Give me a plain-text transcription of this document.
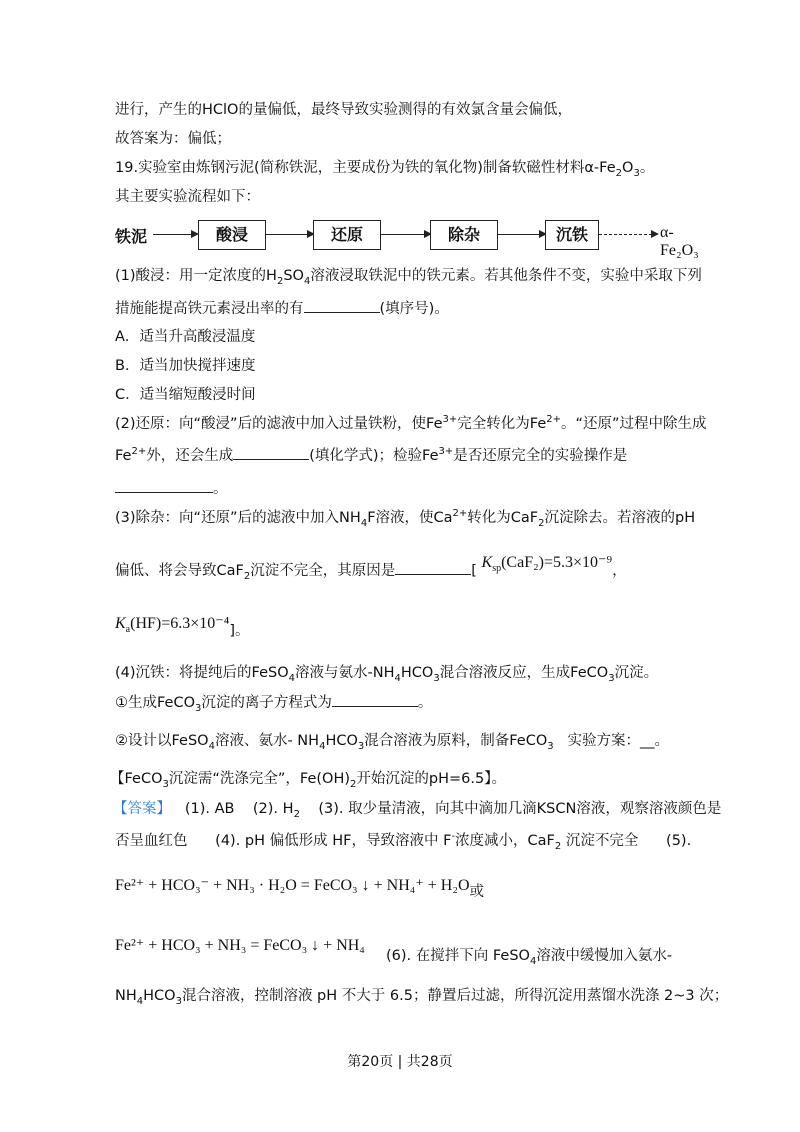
进行，产生的HClO的量偏低，最终导致实验测得的有效氯含量会偏低，
故答案为：偏低；
19.实验室由炼钢污泥(简称铁泥，主要成份为铁的氧化物)制备软磁性材料$\alpha-Fe_2O_3$。
其主要实验流程如下：
铁泥	酸浸	还原	除杂	沉铁	α-Fe₂O₃
(1)酸浸：用一定浓度的$H_2SO_4$溶液浸取铁泥中的铁元素。若其他条件不变，实验中采取下列
措施能提高铁元素浸出率的有	(填序号)。
A．适当升高酸浸温度
B．适当加快搅拌速度
C．适当缩短酸浸时间
(2)还原：向“酸浸”后的滤液中加入过量铁粉，使$Fe^{3+}$完全转化为$Fe^{2+}$。“还原”过程中除生成
$Fe^{2+}$外，还会生成	(填化学式)；检验$Fe^{3+}$是否还原完全的实验操作是
。
(3)除杂：向“还原”后的滤液中加入$NH_4F$溶液，使$Ca^{2+}$转化为CaF$_2$沉淀除去。若溶液的pH
偏低、将会导致CaF$_2$沉淀不完全，其原因是	[ $K_{sp}(CaF_2)=5.3\times 10^{-9}$，
$K_a(HF)=6.3\times 10^{-4}$]。
(4)沉铁：将提纯后的FeSO$_4$溶液与氨水$-NH_4HCO_3$混合溶液反应，生成FeCO$_3$沉淀。
①生成FeCO$_3$沉淀的离子方程式为	。
②设计以FeSO$_4$溶液、氨水- $NH_4HCO_3$混合溶液为原料，制备FeCO$_3$ 实验方案：__。
【FeCO$_3$沉淀需“洗涤完全”，$Fe(OH)_2$开始沉淀的pH=6.5】。
【答案】 (1). AB (2). $H_2$ (3). 取少量清液，向其中滴加几滴KSCN溶液，观察溶液颜色是
否呈血红色 (4). pH 偏低形成 HF，导致溶液中 F-浓度减小，CaF$_2$ 沉淀不完全 (5).
Fe²⁺ + HCO₃⁻ + NH₃ · H₂O = FeCO₃ ↓ + NH₄⁺ + H₂O或
Fe²⁺ + HCO₃ + NH₃ = FeCO₃ ↓ + NH₄
(6). 在搅拌下向 FeSO$_4$溶液中缓慢加入氨水-
$NH_4HCO_3$混合溶液，控制溶液 pH 不大于 6.5；静置后过滤，所得沉淀用蒸馏水洗涤 2~3 次；
第20页 | 共28页
